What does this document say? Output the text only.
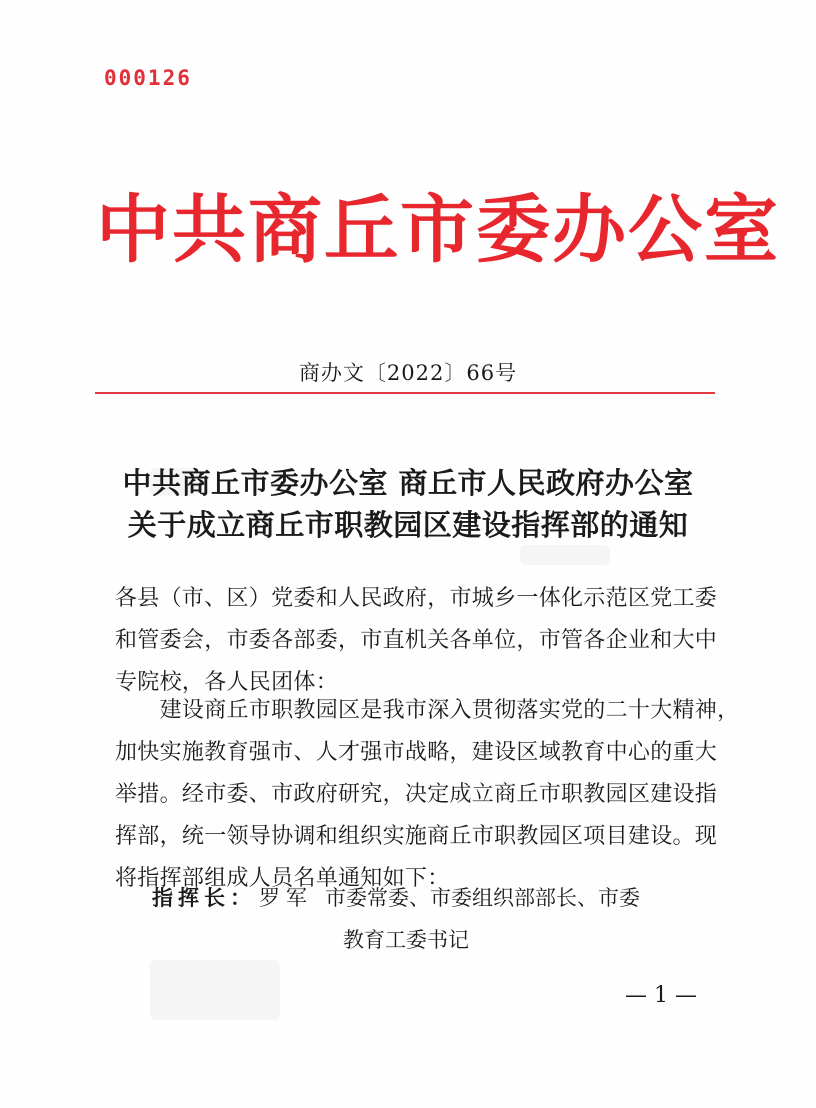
000126
中共商丘市委办公室
商办文〔2022〕66号
中共商丘市委办公室 商丘市人民政府办公室
关于成立商丘市职教园区建设指挥部的通知
各县（市、区）党委和人民政府，市城乡一体化示范区党工委
和管委会，市委各部委，市直机关各单位，市管各企业和大中
专院校，各人民团体：
　　建设商丘市职教园区是我市深入贯彻落实党的二十大精神，
加快实施教育强市、人才强市战略，建设区域教育中心的重大
举措。经市委、市政府研究，决定成立商丘市职教园区建设指
挥部，统一领导协调和组织实施商丘市职教园区项目建设。现
将指挥部组成人员名单通知如下：
指挥长： 罗军 市委常委、市委组织部部长、市委
教育工委书记
— 1 —
